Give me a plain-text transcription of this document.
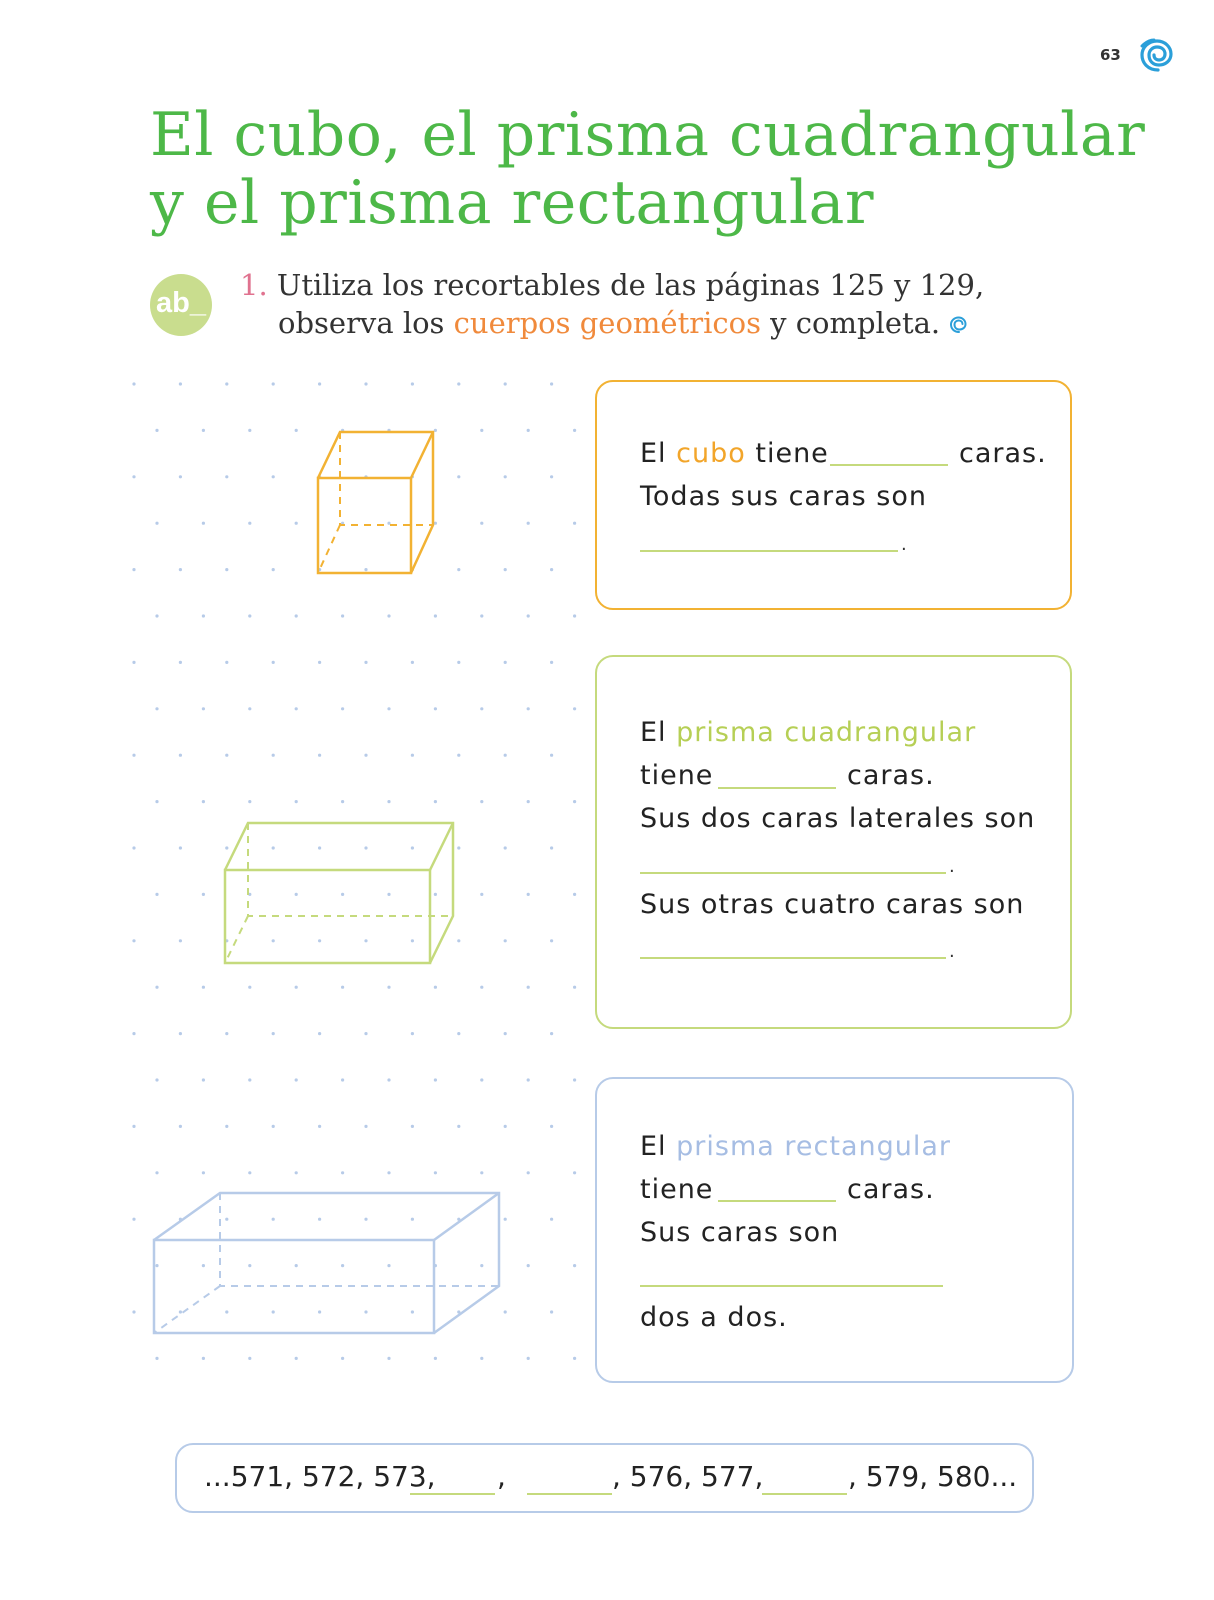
63
El cubo, el prisma cuadrangular
y el prisma rectangular
ab_
1. Utiliza los recortables de las páginas 125 y 129,
observa los cuerpos geométricos y completa.
El cubo tiene	caras.
Todas sus caras son
.
El prisma cuadrangular
tiene	caras.
Sus dos caras laterales son
.
Sus otras cuatro caras son
.
El prisma rectangular
tiene	caras.
Sus caras son
dos a dos.
...571, 572, 573, ,	, 576, 577,	, 579, 580...
